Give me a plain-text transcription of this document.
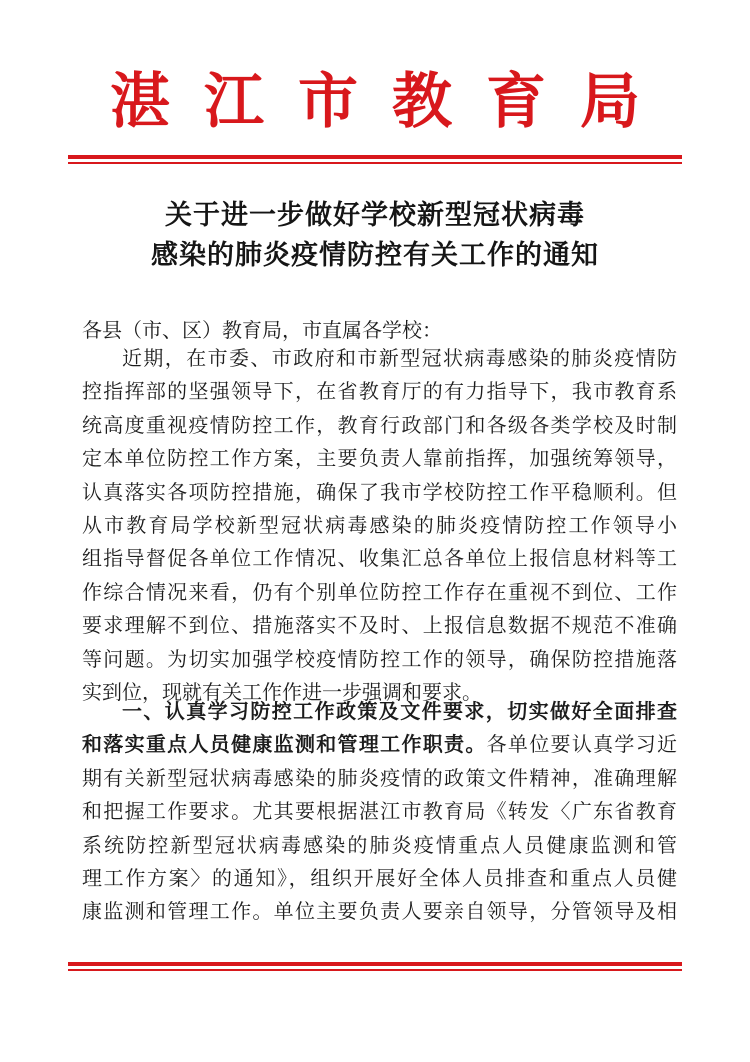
湛江市教育局
关于进一步做好学校新型冠状病毒
感染的肺炎疫情防控有关工作的通知
各县（市、区）教育局，市直属各学校：
近期，在市委、市政府和市新型冠状病毒感染的肺炎疫情防
控指挥部的坚强领导下，在省教育厅的有力指导下，我市教育系
统高度重视疫情防控工作，教育行政部门和各级各类学校及时制
定本单位防控工作方案，主要负责人靠前指挥，加强统筹领导，
认真落实各项防控措施，确保了我市学校防控工作平稳顺利。但
从市教育局学校新型冠状病毒感染的肺炎疫情防控工作领导小
组指导督促各单位工作情况、收集汇总各单位上报信息材料等工
作综合情况来看，仍有个别单位防控工作存在重视不到位、工作
要求理解不到位、措施落实不及时、上报信息数据不规范不准确
等问题。为切实加强学校疫情防控工作的领导，确保防控措施落
实到位，现就有关工作作进一步强调和要求。
一、认真学习防控工作政策及文件要求，切实做好全面排查
和落实重点人员健康监测和管理工作职责。各单位要认真学习近
期有关新型冠状病毒感染的肺炎疫情的政策文件精神，准确理解
和把握工作要求。尤其要根据湛江市教育局《转发〈广东省教育
系统防控新型冠状病毒感染的肺炎疫情重点人员健康监测和管
理工作方案〉的通知》，组织开展好全体人员排查和重点人员健
康监测和管理工作。单位主要负责人要亲自领导，分管领导及相
